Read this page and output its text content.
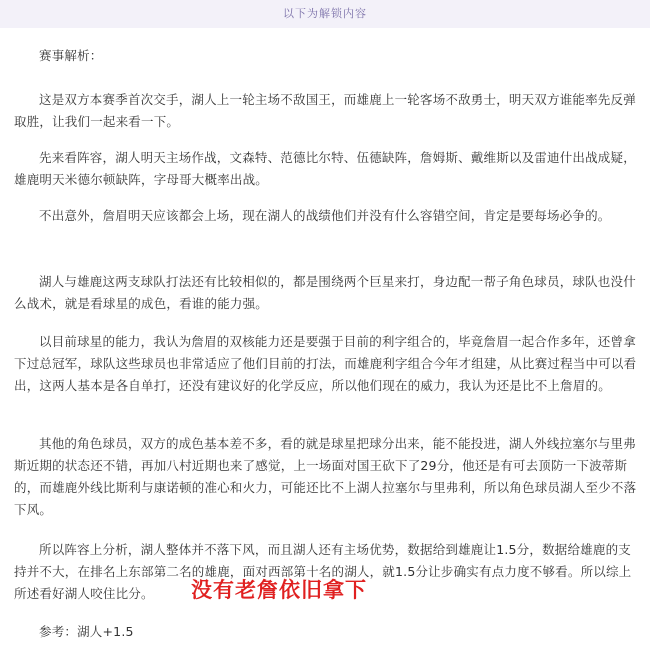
以下为解锁内容

赛事解析：

这是双方本赛季首次交手，湖人上一轮主场不敌国王，而雄鹿上一轮客场不敌勇士，明天双方谁能率先反弹取胜，让我们一起来看一下。

先来看阵容，湖人明天主场作战，文森特、范德比尔特、伍德缺阵，詹姆斯、戴维斯以及雷迪什出战成疑，雄鹿明天米德尔顿缺阵，字母哥大概率出战。

不出意外，詹眉明天应该都会上场，现在湖人的战绩他们并没有什么容错空间，肯定是要每场必争的。

湖人与雄鹿这两支球队打法还有比较相似的，都是围绕两个巨星来打，身边配一帮子角色球员，球队也没什么战术，就是看球星的成色，看谁的能力强。

以目前球星的能力，我认为詹眉的双核能力还是要强于目前的利字组合的，毕竟詹眉一起合作多年，还曾拿下过总冠军，球队这些球员也非常适应了他们目前的打法，而雄鹿利字组合今年才组建，从比赛过程当中可以看出，这两人基本是各自单打，还没有建议好的化学反应，所以他们现在的威力，我认为还是比不上詹眉的。

其他的角色球员，双方的成色基本差不多，看的就是球星把球分出来，能不能投进，湖人外线拉塞尔与里弗斯近期的状态还不错，再加八村近期也来了感觉，上一场面对国王砍下了29分，他还是有可去顶防一下波蒂斯的，而雄鹿外线比斯利与康诺顿的准心和火力，可能还比不上湖人拉塞尔与里弗利，所以角色球员湖人至少不落下风。

所以阵容上分析，湖人整体并不落下风，而且湖人还有主场优势，数据给到雄鹿让1.5分，数据给雄鹿的支持并不大，在排名上东部第二名的雄鹿，面对西部第十名的湖人，就1.5分让步确实有点力度不够看。所以综上所述看好湖人咬住比分。

参考：湖人+1.5

没有老詹依旧拿下
